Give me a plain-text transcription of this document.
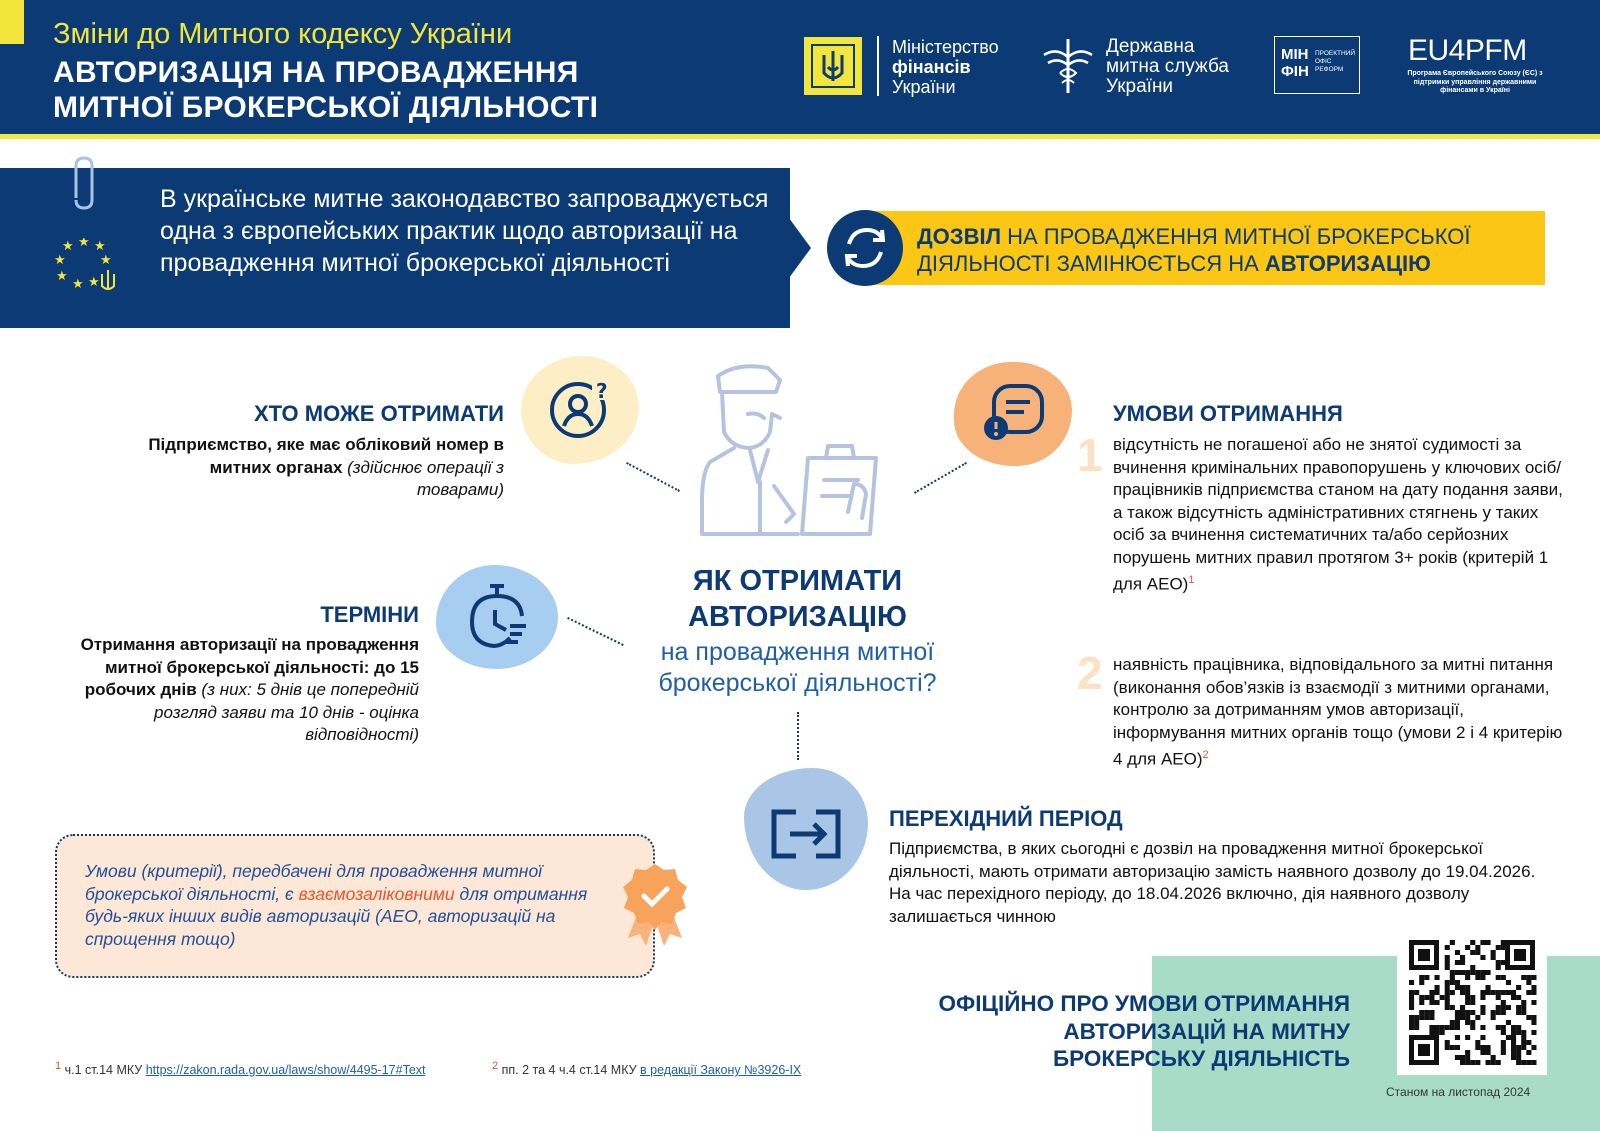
Зміни до Митного кодексу України
АВТОРИЗАЦІЯ НА ПРОВАДЖЕННЯ
МИТНОЇ БРОКЕРСЬКОЇ ДІЯЛЬНОСТІ
Міністерство
фінансів
України
Державна
митна служба
України
МІН ФІН
ПРОЕКТНИЙ ОФІС РЕФОРМ
EU4PFM
Програма Європейського Союзу (ЄС) з підтримки управління державними фінансами в Україні
★ ★ ★
★	★
★
★ ★
В українське митне законодавство запроваджується одна з європейських практик щодо авторизації на провадження митної брокерської діяльності
ДОЗВІЛ НА ПРОВАДЖЕННЯ МИТНОЇ БРОКЕРСЬКОЇ ДІЯЛЬНОСТІ ЗАМІНЮЄТЬСЯ НА АВТОРИЗАЦІЮ
ЯК ОТРИМАТИ
АВТОРИЗАЦІЮ
на провадження митної брокерської діяльності?
?
ХТО МОЖЕ ОТРИМАТИ
Підприємство, яке має обліковий номер в митних органах (здійснює операції з товарами)
ТЕРМІНИ
Отримання авторизації на провадження митної брокерської діяльності: до 15 робочих днів (з них: 5 днів це попередній розгляд заяви та 10 днів - оцінка відповідності)
УМОВИ ОТРИМАННЯ
1 відсутність не погашеної або не знятої судимості за вчинення кримінальних правопорушень у ключових осіб/працівників підприємства станом на дату подання заяви, а також відсутність адміністративних стягнень у таких осіб за вчинення систематичних та/або серйозних порушень митних правил протягом 3+ років (критерій 1 для AEO)$^1$
2 наявність працівника, відповідального за митні питання (виконання обов’язків із взаємодії з митними органами, контролю за дотриманням умов авторизації, інформування митних органів тощо (умови 2 і 4 критерію 4 для AEO)$^2$
ПЕРЕХІДНИЙ ПЕРІОД
Підприємства, в яких сьогодні є дозвіл на провадження митної брокерської діяльності, мають отримати авторизацію замість наявного дозволу до 19.04.2026. На час перехідного періоду, до 18.04.2026 включно, дія наявного дозволу залишається чинною
Умови (критерії), передбачені для провадження митної брокерської діяльності, є взаємозаліковними для отримання будь-яких інших видів авторизацій (AEO, авторизацій на спрощення тощо)
ОФІЦІЙНО ПРО УМОВИ ОТРИМАННЯ
АВТОРИЗАЦІЙ НА МИТНУ
БРОКЕРСЬКУ ДІЯЛЬНІСТЬ
Станом на листопад 2024
1 ч.1 ст.14 МКУ https://zakon.rada.gov.ua/laws/show/4495-17#Text	2 пп. 2 та 4 ч.4 ст.14 МКУ в редакції Закону №3926-IX
